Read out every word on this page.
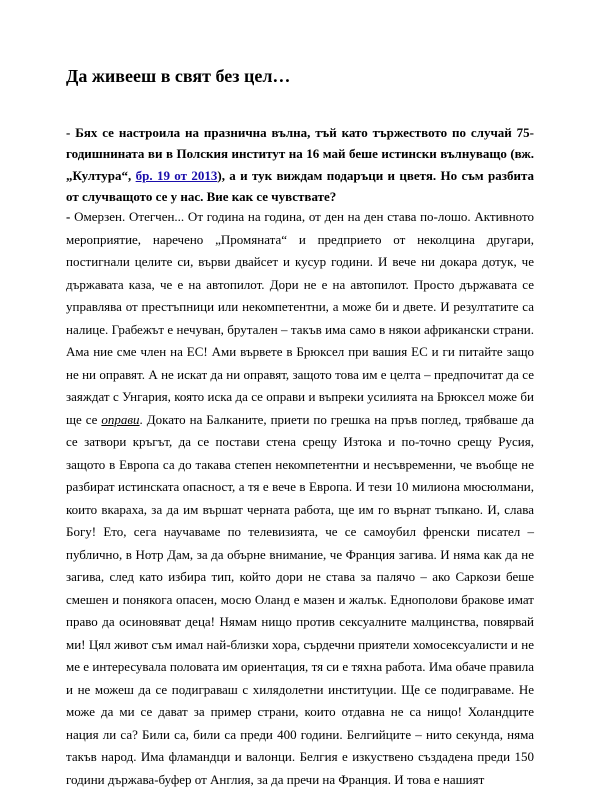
Да живееш в свят без цел…

- Бях се настроила на празнична вълна, тъй като тържеството по случай 75-годишнината ви в Полския институт на 16 май беше истински вълнуващо (вж. „Култура“, бр. 19 от 2013), а и тук виждам подаръци и цветя. Но съм разбита от случващото се у нас. Вие как се чувствате?

- Омерзен. Отегчен... От година на година, от ден на ден става по-лошо. Активното мероприятие, наречено „Промяната“ и предприето от неколцина другари, постигнали целите си, върви двайсет и кусур години. И вече ни докара дотук, че държавата каза, че е на автопилот. Дори не е на автопилот. Просто държавата се управлява от престъпници или некомпетентни, а може би и двете. И резултатите са налице. Грабежът е нечуван, брутален – такъв има само в някои африкански страни. Ама ние сме член на ЕС! Ами вървете в Брюксел при вашия ЕС и ги питайте защо не ни оправят. А не искат да ни оправят, защото това им е целта – предпочитат да се заяждат с Унгария, която иска да се оправи и въпреки усилията на Брюксел може би ще се оправи. Докато на Балканите, приети по грешка на пръв поглед, трябваше да се затвори кръгът, да се постави стена срещу Изтока и по-точно срещу Русия, защото в Европа са до такава степен некомпетентни и несъвременни, че въобще не разбират истинската опасност, а тя е вече в Европа. И тези 10 милиона мюсюлмани, които вкараха, за да им вършат черната работа, ще им го върнат тъпкано. И, слава Богу! Ето, сега научаваме по телевизията, че се самоубил френски писател – публично, в Нотр Дам, за да обърне внимание, че Франция загива. И няма как да не загива, след като избира тип, който дори не става за палячо – ако Саркози беше смешен и понякога опасен, мосю Оланд е мазен и жалък. Еднополови бракове имат право да осиновяват деца! Нямам нищо против сексуалните малцинства, повярвай ми! Цял живот съм имал най-близки хора, сърдечни приятели хомосексуалисти и не ме е интересувала половата им ориентация, тя си е тяхна работа. Има обаче правила и не можеш да се подиграваш с хилядолетни институции. Ще се подиграваме. Не може да ми се дават за пример страни, които отдавна не са нищо! Холандците нация ли са? Били са, били са преди 400 години. Белгийците – нито секунда, няма такъв народ. Има фламандци и валонци. Белгия е изкуствено създадена преди 150 години държава-буфер от Англия, за да пречи на Франция. И това е нашият
